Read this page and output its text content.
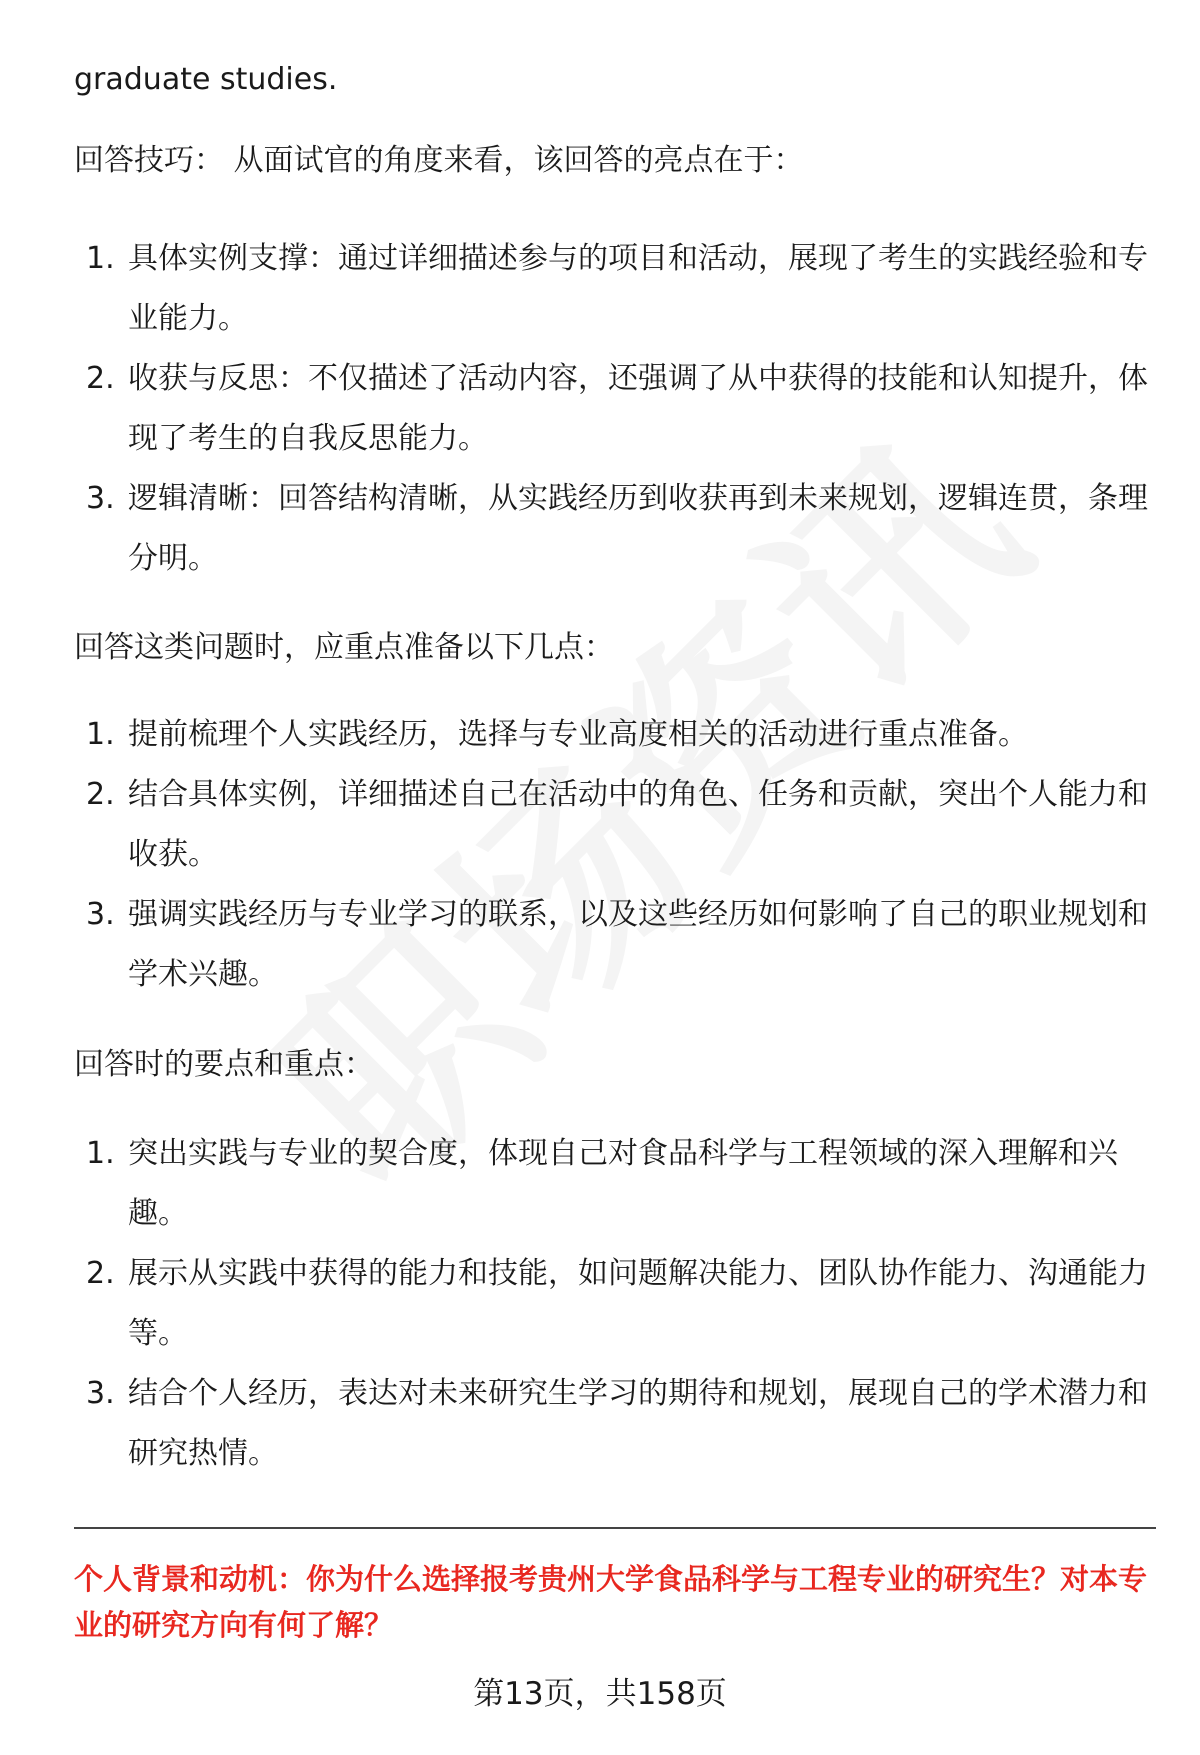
graduate studies.
回答技巧： 从面试官的角度来看，该回答的亮点在于：
1. 具体实例支撑：通过详细描述参与的项目和活动，展现了考生的实践经验和专业能力。
2. 收获与反思：不仅描述了活动内容，还强调了从中获得的技能和认知提升，体现了考生的自我反思能力。
3. 逻辑清晰：回答结构清晰，从实践经历到收获再到未来规划，逻辑连贯，条理分明。
回答这类问题时，应重点准备以下几点：
1. 提前梳理个人实践经历，选择与专业高度相关的活动进行重点准备。
2. 结合具体实例，详细描述自己在活动中的角色、任务和贡献，突出个人能力和收获。
3. 强调实践经历与专业学习的联系，以及这些经历如何影响了自己的职业规划和学术兴趣。
回答时的要点和重点：
1. 突出实践与专业的契合度，体现自己对食品科学与工程领域的深入理解和兴趣。
2. 展示从实践中获得的能力和技能，如问题解决能力、团队协作能力、沟通能力等。
3. 结合个人经历，表达对未来研究生学习的期待和规划，展现自己的学术潜力和研究热情。
个人背景和动机：你为什么选择报考贵州大学食品科学与工程专业的研究生？对本专业的研究方向有何了解？
第13页，共158页
